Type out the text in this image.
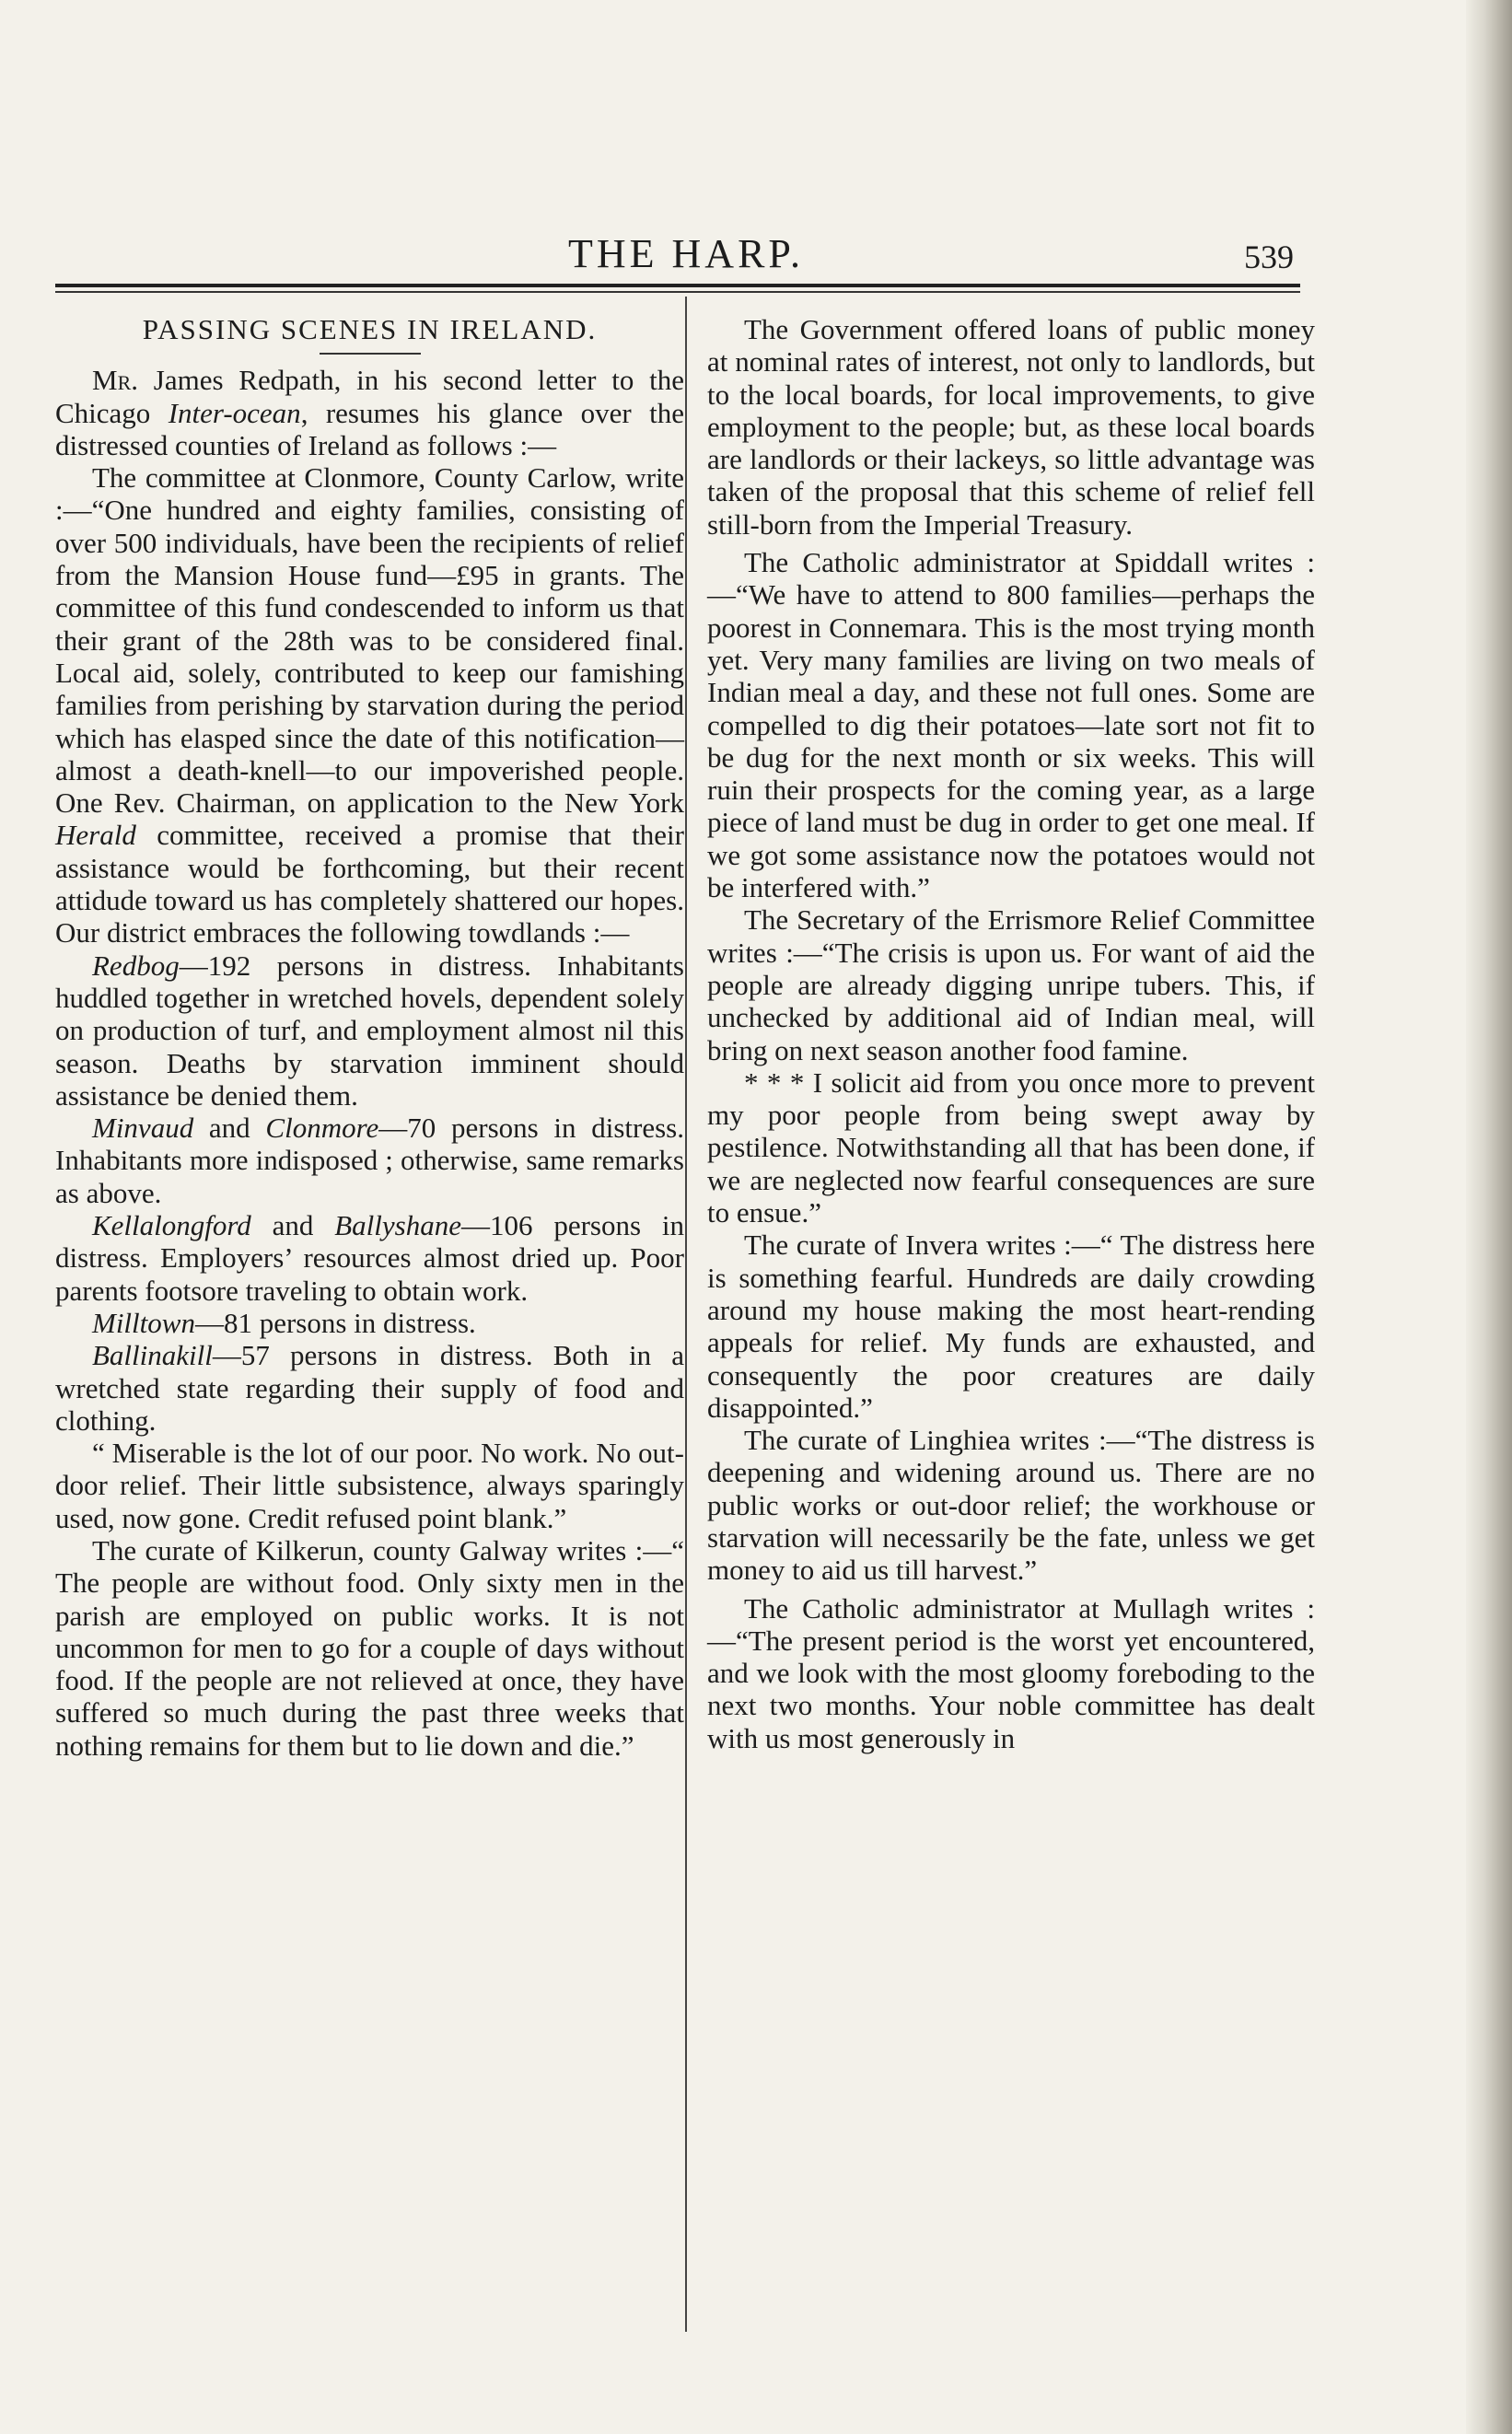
THE HARP.	539
PASSING SCENES IN IRELAND.

Mr. James Redpath, in his second letter to the Chicago Inter-ocean, resumes his glance over the distressed counties of Ireland as follows :—

The committee at Clonmore, County Carlow, write :—“One hundred and eighty families, consisting of over 500 individuals, have been the recipients of relief from the Mansion House fund—£95 in grants. The committee of this fund condescended to inform us that their grant of the 28th was to be considered final. Local aid, solely, contributed to keep our famishing families from perishing by starvation during the period which has elasped since the date of this notification—almost a death-knell—to our impoverished people. One Rev. Chairman, on application to the New York Herald committee, received a promise that their assistance would be forthcoming, but their recent attidude toward us has completely shattered our hopes. Our district embraces the following towdlands :—

Redbog—192 persons in distress. Inhabitants huddled together in wretched hovels, dependent solely on production of turf, and employment almost nil this season. Deaths by starvation imminent should assistance be denied them.

Minvaud and Clonmore—70 persons in distress. Inhabitants more indisposed ; otherwise, same remarks as above.

Kellalongford and Ballyshane—106 persons in distress. Employers’ resources almost dried up. Poor parents footsore traveling to obtain work.

Milltown—81 persons in distress.

Ballinakill—57 persons in distress. Both in a wretched state regarding their supply of food and clothing.

“ Miserable is the lot of our poor. No work. No out-door relief. Their little subsistence, always sparingly used, now gone. Credit refused point blank.”

The curate of Kilkerun, county Galway writes :—“ The people are without food. Only sixty men in the parish are employed on public works. It is not uncommon for men to go for a couple of days without food. If the people are not relieved at once, they have suffered so much during the past three weeks that nothing remains for them but to lie down and die.”

The Government offered loans of public money at nominal rates of interest, not only to landlords, but to the local boards, for local improvements, to give employment to the people; but, as these local boards are landlords or their lackeys, so little advantage was taken of the proposal that this scheme of relief fell still-born from the Imperial Treasury.

The Catholic administrator at Spiddall writes :—“We have to attend to 800 families—perhaps the poorest in Connemara. This is the most trying month yet. Very many families are living on two meals of Indian meal a day, and these not full ones. Some are compelled to dig their potatoes—late sort not fit to be dug for the next month or six weeks. This will ruin their prospects for the coming year, as a large piece of land must be dug in order to get one meal. If we got some assistance now the potatoes would not be interfered with.”

The Secretary of the Errismore Relief Committee writes :—“The crisis is upon us. For want of aid the people are already digging unripe tubers. This, if unchecked by additional aid of Indian meal, will bring on next season another food famine.

* * * I solicit aid from you once more to prevent my poor people from being swept away by pestilence. Notwithstanding all that has been done, if we are neglected now fearful consequences are sure to ensue.”

The curate of Invera writes :—“ The distress here is something fearful. Hundreds are daily crowding around my house making the most heart-rending appeals for relief. My funds are exhausted, and consequently the poor creatures are daily disappointed.”

The curate of Linghiea writes :—“The distress is deepening and widening around us. There are no public works or out-door relief; the workhouse or starvation will necessarily be the fate, unless we get money to aid us till harvest.”

The Catholic administrator at Mullagh writes :—“The present period is the worst yet encountered, and we look with the most gloomy foreboding to the next two months. Your noble committee has dealt with us most generously in
